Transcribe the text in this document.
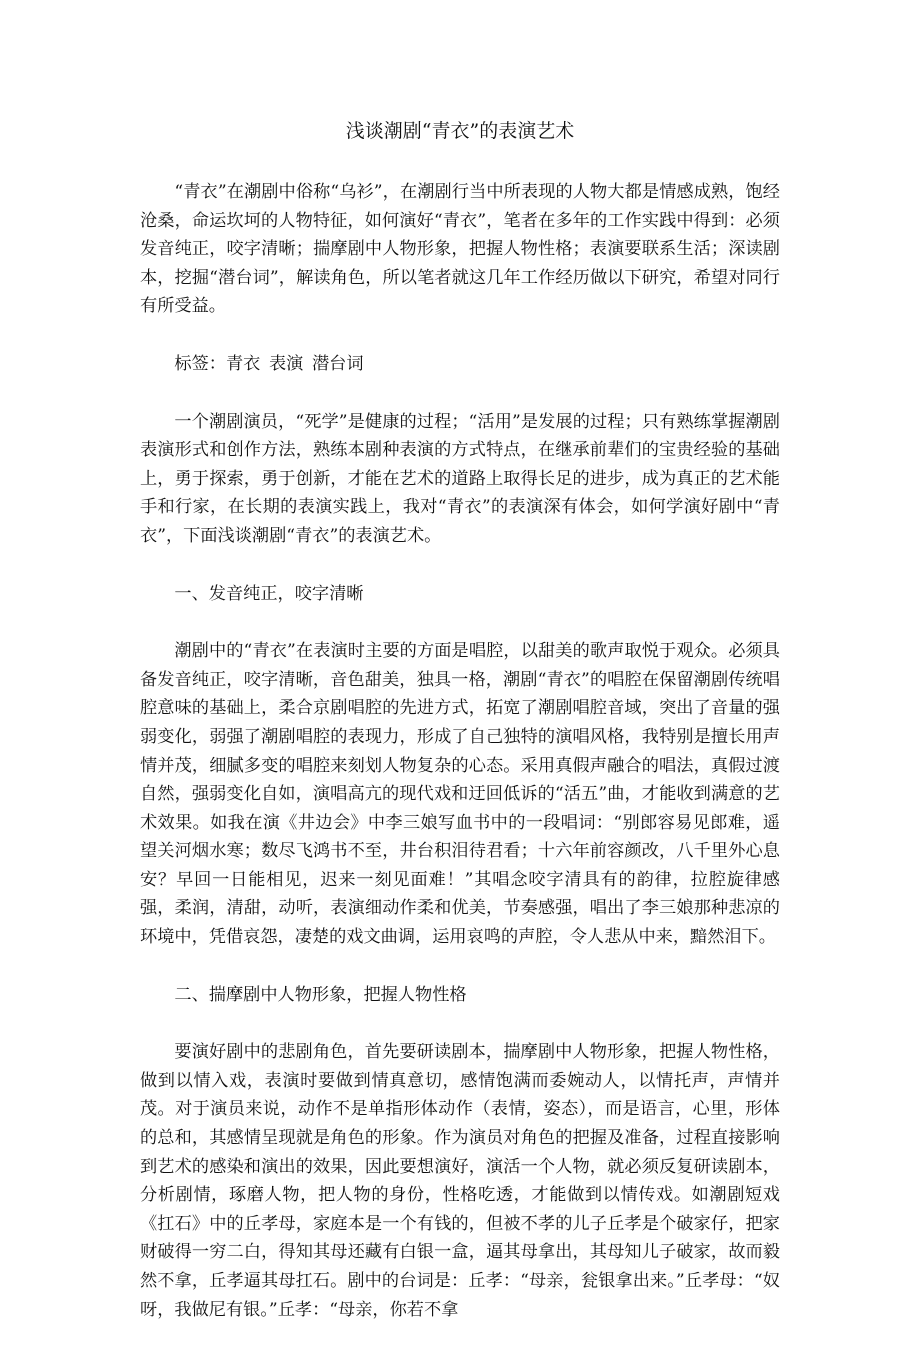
浅谈潮剧“青衣”的表演艺术

“青衣”在潮剧中俗称“乌衫”，在潮剧行当中所表现的人物大都是情感成熟，饱经沧桑，命运坎坷的人物特征，如何演好“青衣”，笔者在多年的工作实践中得到：必须发音纯正，咬字清晰；揣摩剧中人物形象，把握人物性格；表演要联系生活；深读剧本，挖掘“潜台词”，解读角色，所以笔者就这几年工作经历做以下研究，希望对同行有所受益。

标签：青衣 表演 潜台词

一个潮剧演员，“死学”是健康的过程；“活用”是发展的过程；只有熟练掌握潮剧表演形式和创作方法，熟练本剧种表演的方式特点，在继承前辈们的宝贵经验的基础上，勇于探索，勇于创新，才能在艺术的道路上取得长足的进步，成为真正的艺术能手和行家，在长期的表演实践上，我对“青衣”的表演深有体会，如何学演好剧中“青衣”，下面浅谈潮剧“青衣”的表演艺术。

一、发音纯正，咬字清晰

潮剧中的“青衣”在表演时主要的方面是唱腔，以甜美的歌声取悦于观众。必须具备发音纯正，咬字清晰，音色甜美，独具一格，潮剧“青衣”的唱腔在保留潮剧传统唱腔意味的基础上，柔合京剧唱腔的先进方式，拓宽了潮剧唱腔音域，突出了音量的强弱变化，弱强了潮剧唱腔的表现力，形成了自己独特的演唱风格，我特别是擅长用声情并茂，细腻多变的唱腔来刻划人物复杂的心态。采用真假声融合的唱法，真假过渡自然，强弱变化自如，演唱高亢的现代戏和迂回低诉的“活五”曲，才能收到满意的艺术效果。如我在演《井边会》中李三娘写血书中的一段唱词：“别郎容易见郎难，遥望关河烟水寒；数尽飞鸿书不至，井台积泪待君看；十六年前容颜改，八千里外心息安？早回一日能相见，迟来一刻见面难！”其唱念咬字清具有的韵律，拉腔旋律感强，柔润，清甜，动听，表演细动作柔和优美，节奏感强，唱出了李三娘那种悲凉的环境中，凭借哀怨，凄楚的戏文曲调，运用哀鸣的声腔，令人悲从中来，黯然泪下。

二、揣摩剧中人物形象，把握人物性格

要演好剧中的悲剧角色，首先要研读剧本，揣摩剧中人物形象，把握人物性格，做到以情入戏，表演时要做到情真意切，感情饱满而委婉动人，以情托声，声情并茂。对于演员来说，动作不是单指形体动作（表情，姿态），而是语言，心里，形体的总和，其感情呈现就是角色的形象。作为演员对角色的把握及准备，过程直接影响到艺术的感染和演出的效果，因此要想演好，演活一个人物，就必须反复研读剧本，分析剧情，琢磨人物，把人物的身份，性格吃透，才能做到以情传戏。如潮剧短戏《扛石》中的丘孝母，家庭本是一个有钱的，但被不孝的儿子丘孝是个破家仔，把家财破得一穷二白，得知其母还藏有白银一盒，逼其母拿出，其母知儿子破家，故而毅然不拿，丘孝逼其母扛石。剧中的台词是：丘孝：“母亲，瓮银拿出来。”丘孝母：“奴呀，我做尼有银。”丘孝：“母亲，你若不拿
